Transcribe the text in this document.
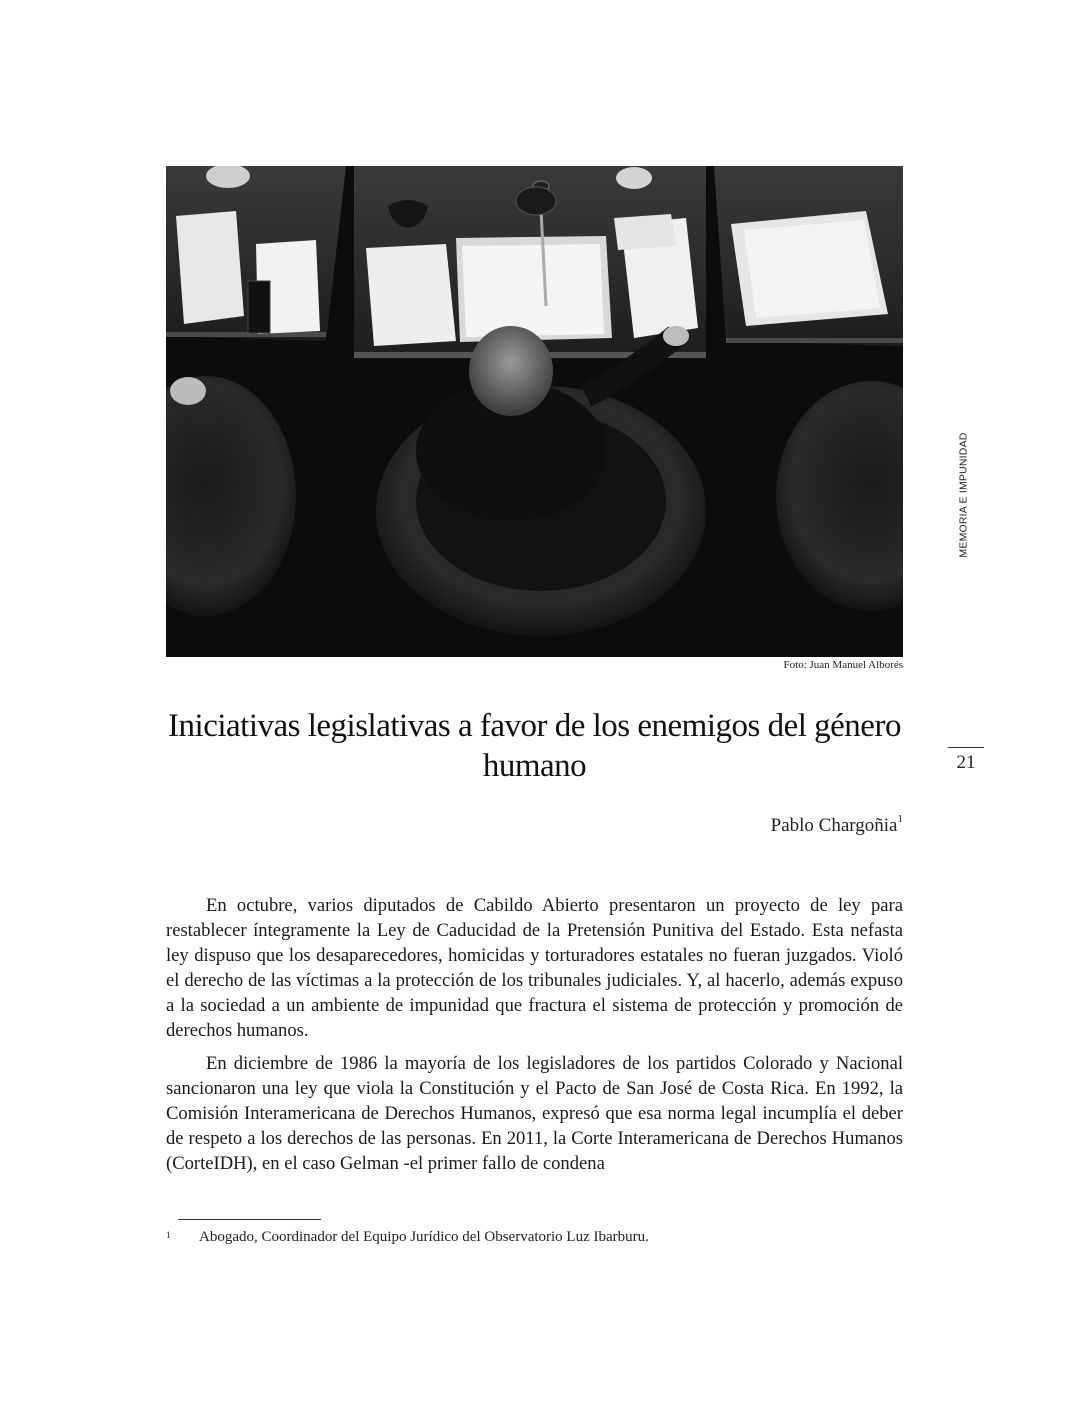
Foto: Juan Manuel Alborés
MEMORIA E IMPUNIDAD
21
Iniciativas legislativas a favor de los enemigos del género humano
Pablo Chargoñia$^1$

En octubre, varios diputados de Cabildo Abierto presentaron un proyecto de ley para restablecer íntegramente la Ley de Caducidad de la Pretensión Punitiva del Estado. Esta nefasta ley dispuso que los desaparecedores, homicidas y torturadores estatales no fueran juzgados. Violó el derecho de las víctimas a la protección de los tribunales judiciales. Y, al hacerlo, además expuso a la sociedad a un ambiente de impunidad que fractura el sistema de protección y promoción de derechos humanos.

En diciembre de 1986 la mayoría de los legisladores de los partidos Colorado y Nacional sancionaron una ley que viola la Constitución y el Pacto de San José de Costa Rica. En 1992, la Comisión Interamericana de Derechos Humanos, expresó que esa norma legal incumplía el deber de respeto a los derechos de las personas. En 2011, la Corte Interamericana de Derechos Humanos (CorteIDH), en el caso Gelman -el primer fallo de condena

1 Abogado, Coordinador del Equipo Jurídico del Observatorio Luz Ibarburu.
